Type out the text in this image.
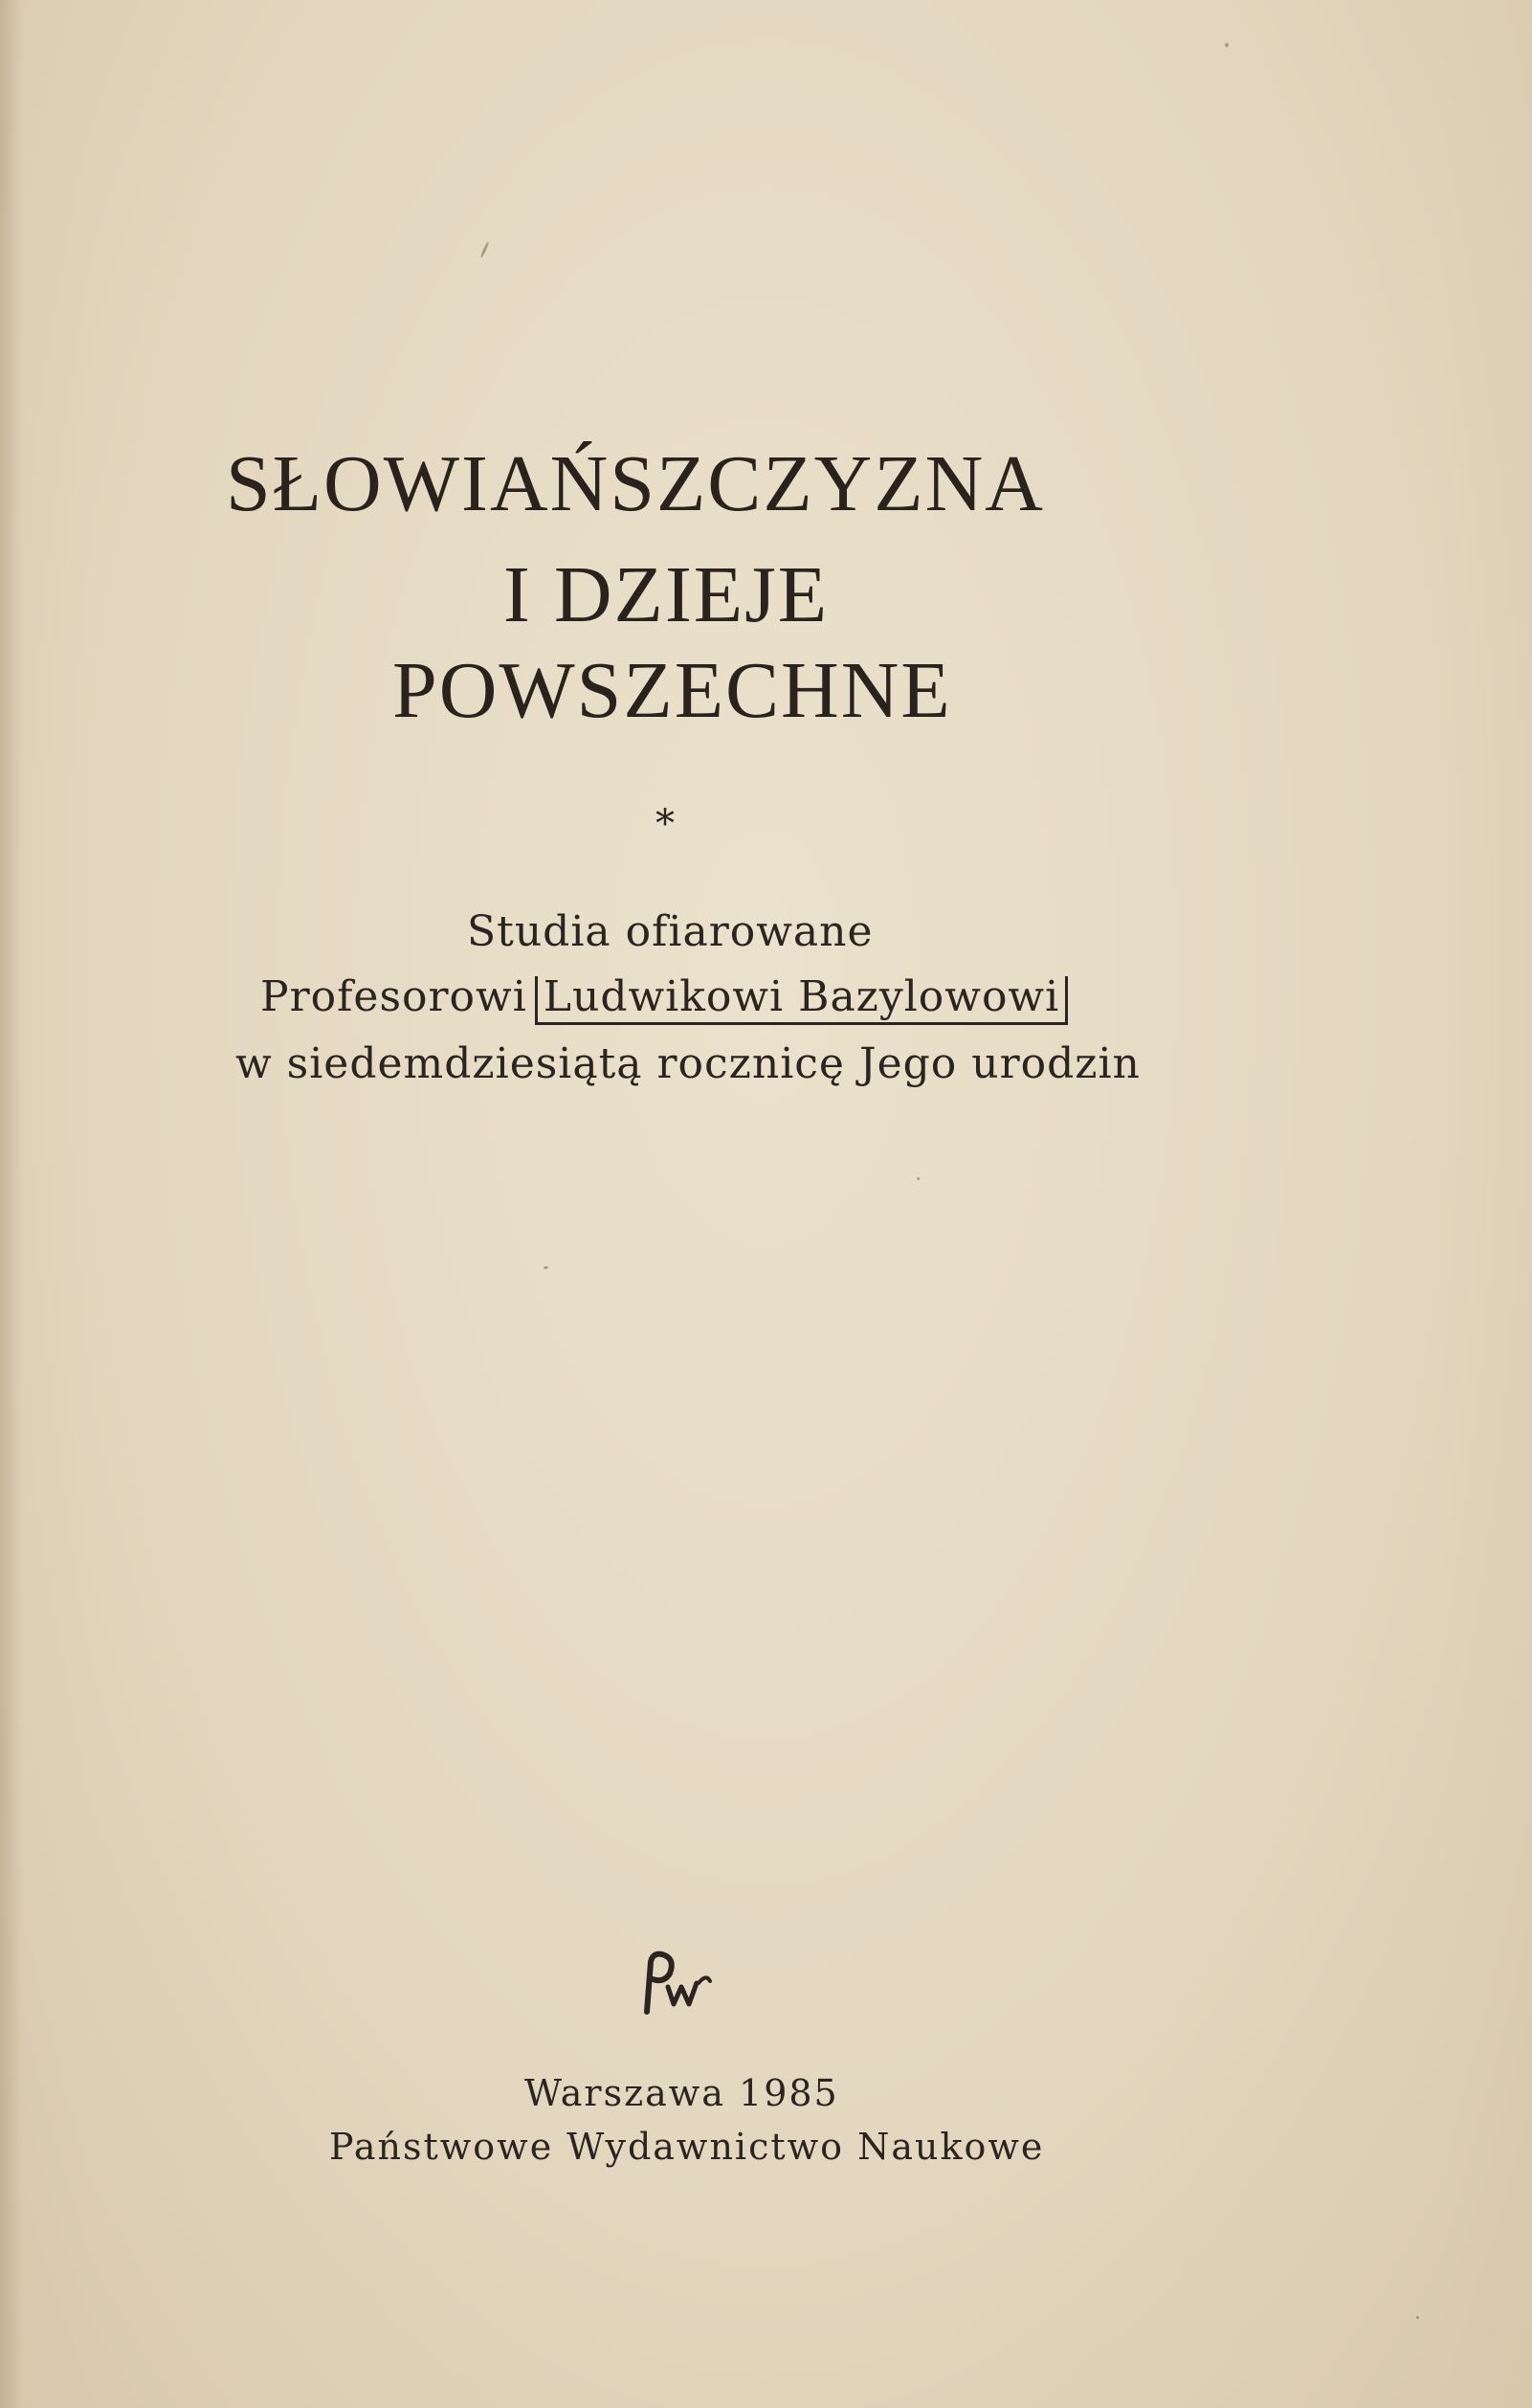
SŁOWIAŃSZCZYZNA
I DZIEJE
POWSZECHNE
*
Studia ofiarowane
Profesorowi Ludwikowi Bazylowowi
w siedemdziesiątą rocznicę Jego urodzin
Warszawa 1985
Państwowe Wydawnictwo Naukowe
